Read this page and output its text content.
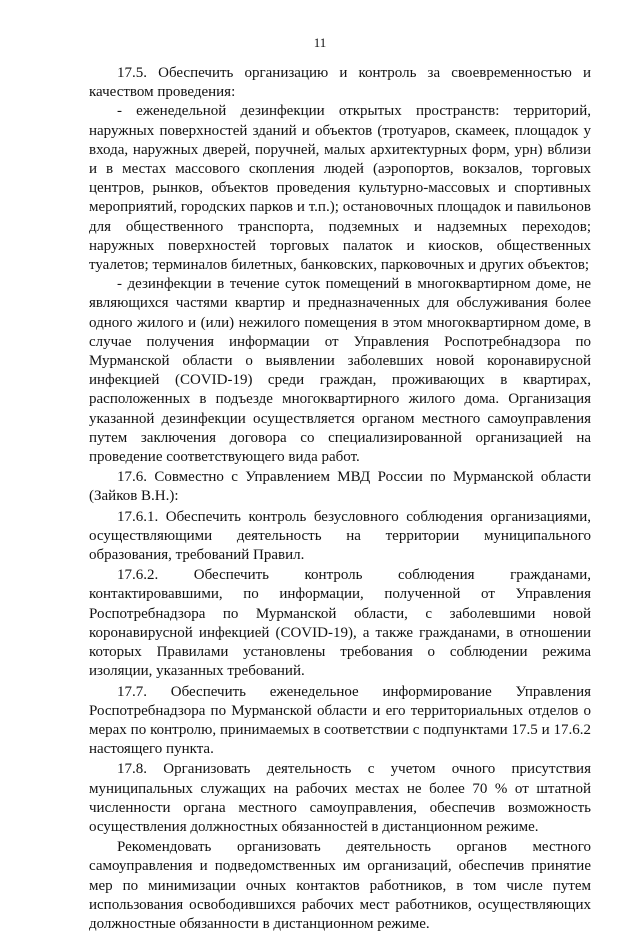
11

17.5. Обеспечить организацию и контроль за своевременностью и качеством проведения:

- еженедельной дезинфекции открытых пространств: территорий, наружных поверхностей зданий и объектов (тротуаров, скамеек, площадок у входа, наружных дверей, поручней, малых архитектурных форм, урн) вблизи и в местах массового скопления людей (аэропортов, вокзалов, торговых центров, рынков, объектов проведения культурно-массовых и спортивных мероприятий, городских парков и т.п.); остановочных площадок и павильонов для общественного транспорта, подземных и надземных переходов; наружных поверхностей торговых палаток и киосков, общественных туалетов; терминалов билетных, банковских, парковочных и других объектов;

- дезинфекции в течение суток помещений в многоквартирном доме, не являющихся частями квартир и предназначенных для обслуживания более одного жилого и (или) нежилого помещения в этом многоквартирном доме, в случае получения информации от Управления Роспотребнадзора по Мурманской области о выявлении заболевших новой коронавирусной инфекцией (COVID-19) среди граждан, проживающих в квартирах, расположенных в подъезде многоквартирного жилого дома. Организация указанной дезинфекции осуществляется органом местного самоуправления путем заключения договора со специализированной организацией на проведение соответствующего вида работ.

17.6. Совместно с Управлением МВД России по Мурманской области (Зайков В.Н.):

17.6.1. Обеспечить контроль безусловного соблюдения организациями, осуществляющими деятельность на территории муниципального образования, требований Правил.

17.6.2. Обеспечить контроль соблюдения гражданами, контактировавшими, по информации, полученной от Управления Роспотребнадзора по Мурманской области, с заболевшими новой коронавирусной инфекцией (COVID-19), а также гражданами, в отношении которых Правилами установлены требования о соблюдении режима изоляции, указанных требований.

17.7. Обеспечить еженедельное информирование Управления Роспотребнадзора по Мурманской области и его территориальных отделов о мерах по контролю, принимаемых в соответствии с подпунктами 17.5 и 17.6.2 настоящего пункта.

17.8. Организовать деятельность с учетом очного присутствия муниципальных служащих на рабочих местах не более 70 % от штатной численности органа местного самоуправления, обеспечив возможность осуществления должностных обязанностей в дистанционном режиме.

Рекомендовать организовать деятельность органов местного самоуправления и подведомственных им организаций, обеспечив принятие мер по минимизации очных контактов работников, в том числе путем использования освободившихся рабочих мест работников, осуществляющих должностные обязанности в дистанционном режиме.
